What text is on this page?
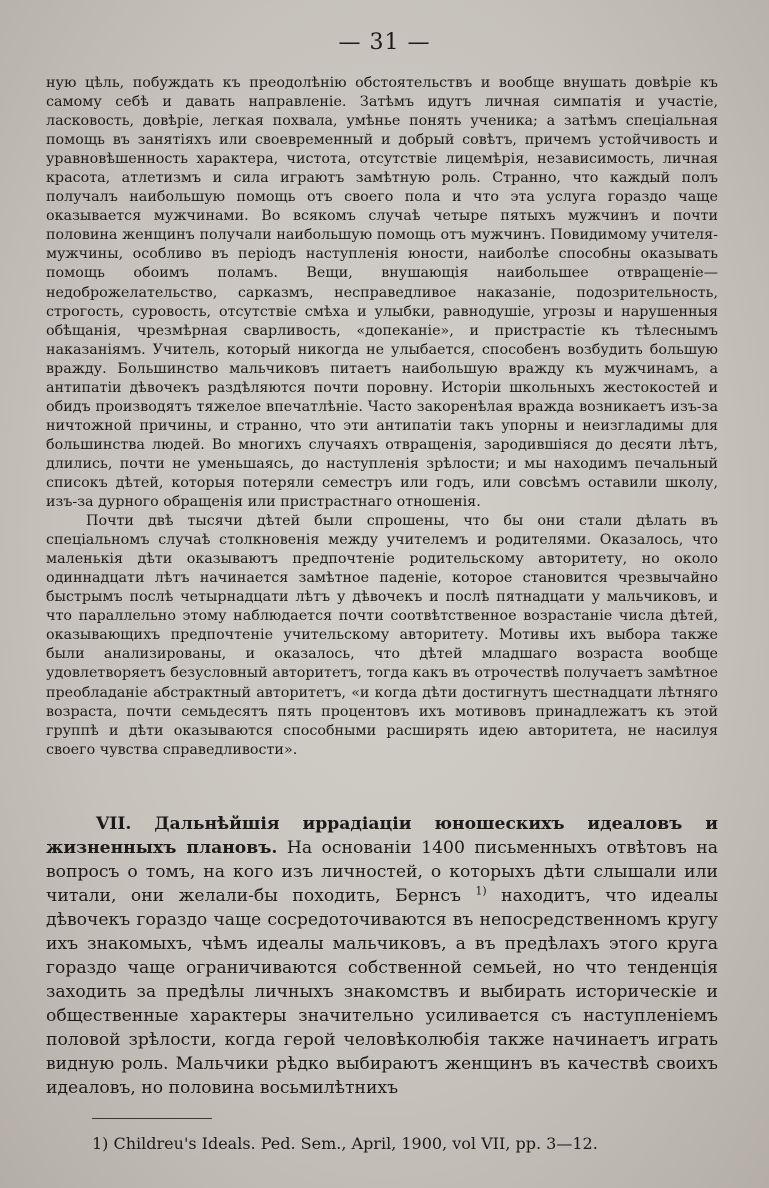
— 31 —

ную цѣль, побуждать къ преодолѣнію обстоятельствъ и вообще внушать довѣріе къ самому себѣ и давать направленіе. Затѣмъ идутъ личная симпатія и участіе, ласковость, довѣріе, легкая похвала, умѣнье понять ученика; а затѣмъ спеціальная помощь въ занятіяхъ или своевременный и добрый совѣтъ, причемъ устойчивость и уравновѣшенность характера, чистота, отсутствіе лицемѣрія, независимость, личная красота, атлетизмъ и сила играютъ замѣтную роль. Странно, что каждый полъ получалъ наибольшую помощь отъ своего пола и что эта услуга гораздо чаще оказывается мужчинами. Во всякомъ случаѣ четыре пятыхъ мужчинъ и почти половина женщинъ получали наибольшую помощь отъ мужчинъ. Повидимому учителя-мужчины, особливо въ періодъ наступленія юности, наиболѣе способны оказывать помощь обоимъ поламъ. Вещи, внушающія наибольшее отвращеніе—недоброжелательство, сарказмъ, несправедливое наказаніе, подозрительность, строгость, суровость, отсутствіе смѣха и улыбки, равнодушіе, угрозы и нарушенныя обѣщанія, чрезмѣрная сварливость, «допеканіе», и пристрастіе къ тѣлеснымъ наказаніямъ. Учитель, который никогда не улыбается, способенъ возбудить большую вражду. Большинство мальчиковъ питаетъ наибольшую вражду къ мужчинамъ, а антипатіи дѣвочекъ раздѣляются почти поровну. Исторіи школьныхъ жестокостей и обидъ производятъ тяжелое впечатлѣніе. Часто закоренѣлая вражда возникаетъ изъ-за ничтожной причины, и странно, что эти антипатіи такъ упорны и неизгладимы для большинства людей. Во многихъ случаяхъ отвращенія, зародившіяся до десяти лѣтъ, длились, почти не уменьшаясь, до наступленія зрѣлости; и мы находимъ печальный списокъ дѣтей, которыя потеряли семестръ или годъ, или совсѣмъ оставили школу, изъ-за дурного обращенія или пристрастнаго отношенія.

Почти двѣ тысячи дѣтей были спрошены, что бы они стали дѣлать въ спеціальномъ случаѣ столкновенія между учителемъ и родителями. Оказалось, что маленькія дѣти оказываютъ предпочтеніе родительскому авторитету, но около одиннадцати лѣтъ начинается замѣтное паденіе, которое становится чрезвычайно быстрымъ послѣ четырнадцати лѣтъ у дѣвочекъ и послѣ пятнадцати у мальчиковъ, и что параллельно этому наблюдается почти соотвѣтственное возрастаніе числа дѣтей, оказывающихъ предпочтеніе учительскому авторитету. Мотивы ихъ выбора также были анализированы, и оказалось, что дѣтей младшаго возраста вообще удовлетворяетъ безусловный авторитетъ, тогда какъ въ отрочествѣ получаетъ замѣтное преобладаніе абстрактный авторитетъ, «и когда дѣти достигнутъ шестнадцати лѣтняго возраста, почти семьдесятъ пять процентовъ ихъ мотивовъ принадлежатъ къ этой группѣ и дѣти оказываются способными расширять идею авторитета, не насилуя своего чувства справедливости».

VII. Дальнѣйшія иррадіаціи юношескихъ идеаловъ и жизненныхъ плановъ. На основаніи 1400 письменныхъ отвѣтовъ на вопросъ о томъ, на кого изъ личностей, о которыхъ дѣти слышали или читали, они желали-бы походить, Бернсъ $^{1)}$ находитъ, что идеалы дѣвочекъ гораздо чаще сосредоточиваются въ непосредственномъ кругу ихъ знакомыхъ, чѣмъ идеалы мальчиковъ, а въ предѣлахъ этого круга гораздо чаще ограничиваются собственной семьей, но что тенденція заходить за предѣлы личныхъ знакомствъ и выбирать историческіе и общественные характеры значительно усиливается съ наступленіемъ половой зрѣлости, когда герой человѣколюбія также начинаетъ играть видную роль. Мальчики рѣдко выбираютъ женщинъ въ качествѣ своихъ идеаловъ, но половина восьмилѣтнихъ

1) Childreu's Ideals. Ped. Sem., April, 1900, vol VII, pp. 3—12.
